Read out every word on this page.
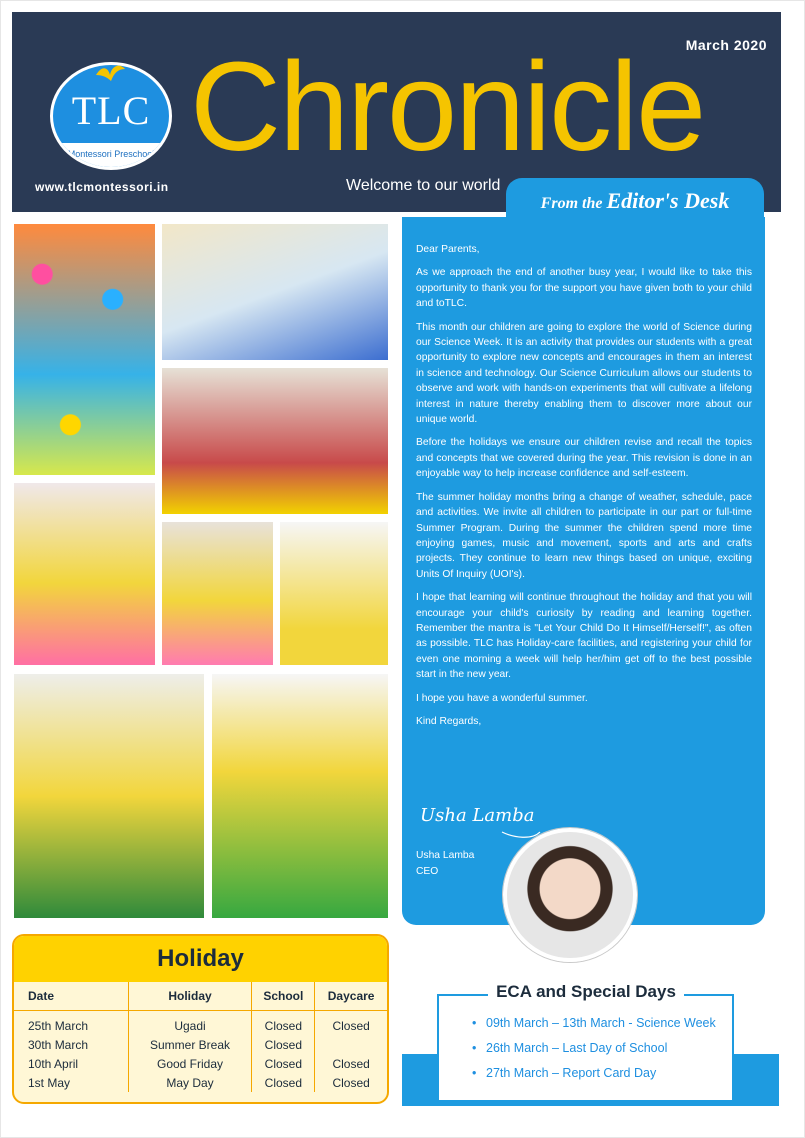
March 2020
TLC
Montessori Preschool Chronicle
Welcome to our world
www.tlcmontessori.in
From the Editor's Desk

Dear Parents,

As we approach the end of another busy year, I would like to take this opportunity to thank you for the support you have given both to your child and toTLC.

This month our children are going to explore the world of Science during our Science Week. It is an activity that provides our students with a great opportunity to explore new concepts and encourages in them an interest in science and technology. Our Science Curriculum allows our students to observe and work with hands-on experiments that will cultivate a lifelong interest in nature thereby enabling them to discover more about our unique world.

Before the holidays we ensure our children revise and recall the topics and concepts that we covered during the year. This revision is done in an enjoyable way to help increase confidence and self-esteem.

The summer holiday months bring a change of weather, schedule, pace and activities. We invite all children to participate in our part or full-time Summer Program. During the summer the children spend more time enjoying games, music and movement, sports and arts and crafts projects. They continue to learn new things based on unique, exciting Units Of Inquiry (UOI's).

I hope that learning will continue throughout the holiday and that you will encourage your child's curiosity by reading and learning together. Remember the mantra is "Let Your Child Do It Himself/Herself!", as often as possible. TLC has Holiday-care facilities, and registering your child for even one morning a week will help her/him get off to the best possible start in the new year.

I hope you have a wonderful summer.

Kind Regards,

Usha Lamba
Usha Lamba
CEO
Holiday
Date	Holiday	School	Daycare
25th March	Ugadi	Closed	Closed
30th March	Summer Break	Closed	
10th April	Good Friday	Closed	Closed
1st May	May Day	Closed	Closed
ECA and Special Days
• 09th March – 13th March - Science Week
• 26th March – Last Day of School
• 27th March – Report Card Day
